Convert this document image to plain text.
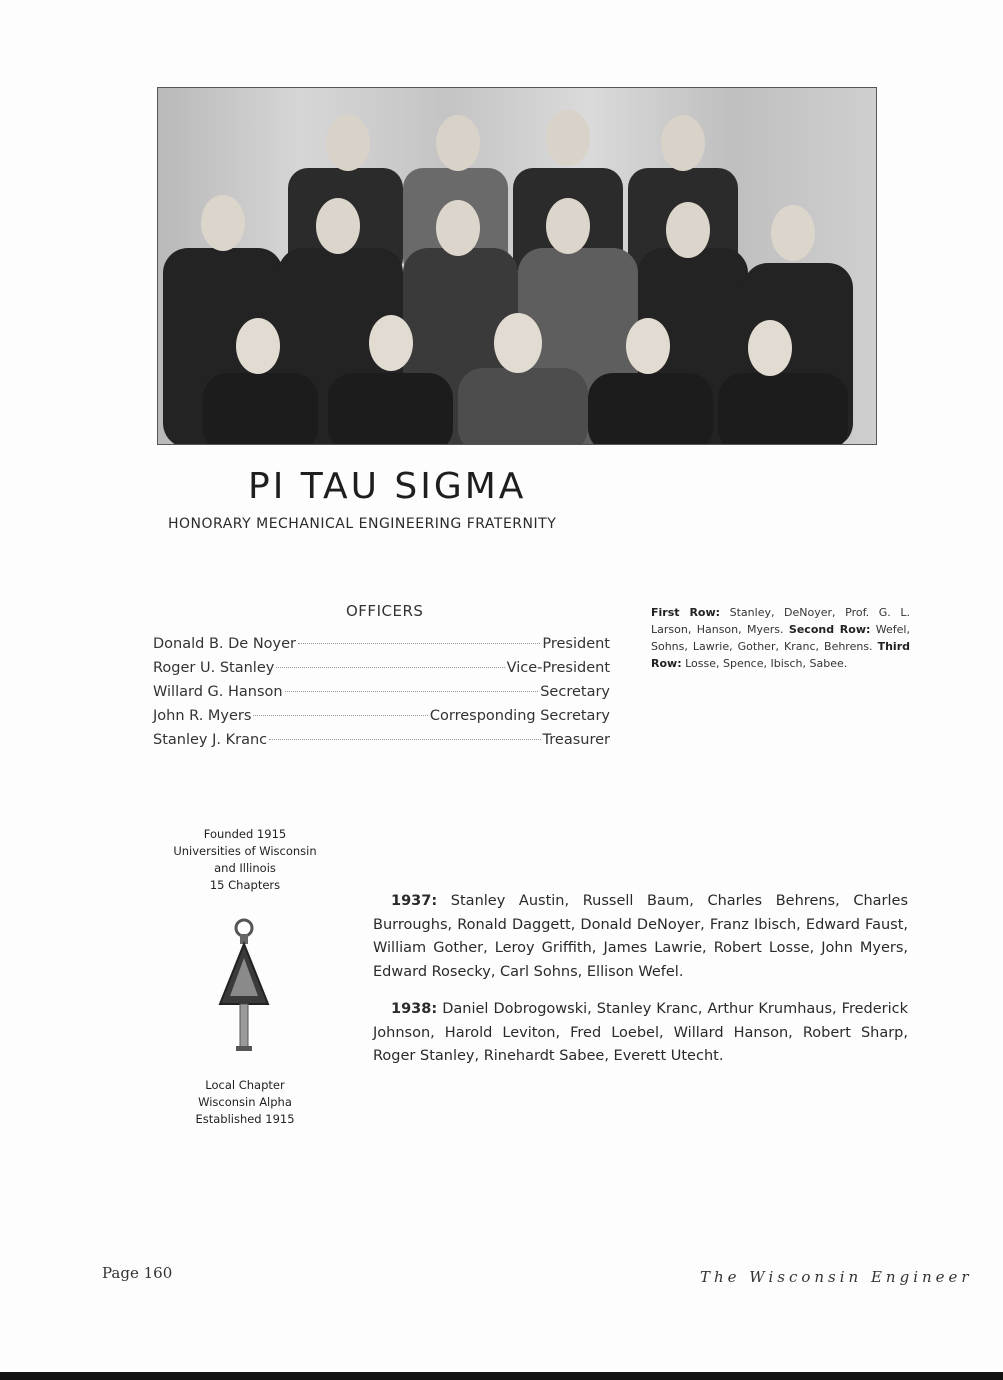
PI TAU SIGMA
HONORARY MECHANICAL ENGINEERING FRATERNITY
OFFICERS
Donald B. De Noyer	President
Roger U. Stanley	Vice-President
Willard G. Hanson	Secretary
John R. Myers	Corresponding Secretary
Stanley J. Kranc	Treasurer
First Row: Stanley, DeNoyer, Prof. G. L. Larson, Hanson, Myers. Second Row: Wefel, Sohns, Lawrie, Gother, Kranc, Behrens. Third Row: Losse, Spence, Ibisch, Sabee.
Founded 1915
Universities of Wisconsin
and Illinois
15 Chapters
Local Chapter
Wisconsin Alpha
Established 1915

1937: Stanley Austin, Russell Baum, Charles Behrens, Charles Burroughs, Ronald Daggett, Donald DeNoyer, Franz Ibisch, Edward Faust, William Gother, Leroy Griffith, James Lawrie, Robert Losse, John Myers, Edward Rosecky, Carl Sohns, Ellison Wefel.

1938: Daniel Dobrogowski, Stanley Kranc, Arthur Krumhaus, Frederick Johnson, Harold Leviton, Fred Loebel, Willard Hanson, Robert Sharp, Roger Stanley, Rinehardt Sabee, Everett Utecht.

Page 160	The Wisconsin Engineer
